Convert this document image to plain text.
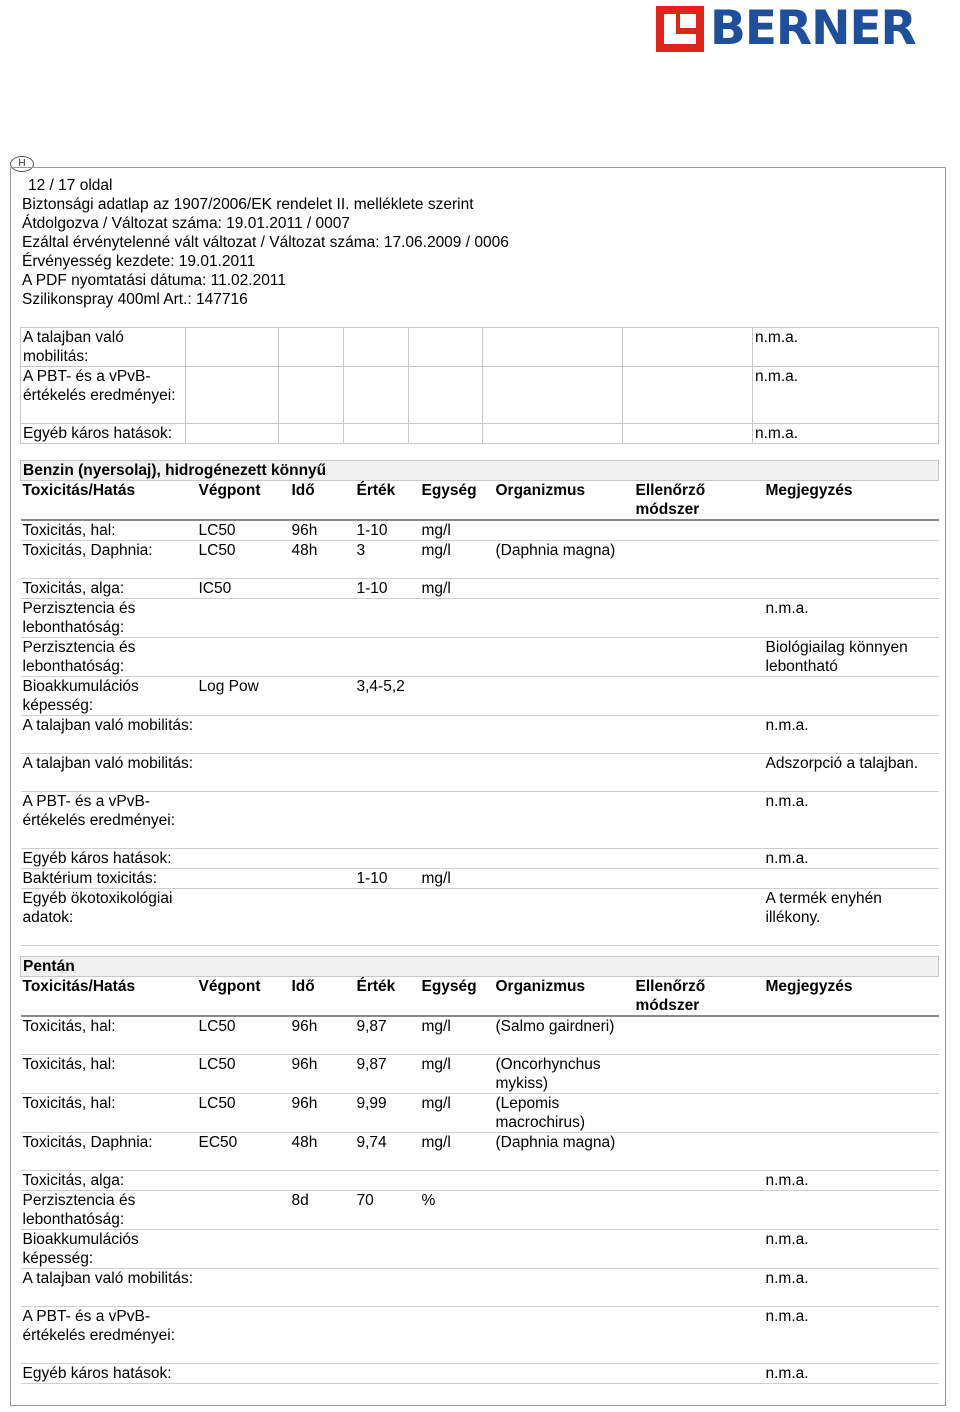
BERNER
H
12 / 17 oldal
Biztonsági adatlap az 1907/2006/EK rendelet II. melléklete szerint
Átdolgozva / Változat száma: 19.01.2011 / 0007
Ezáltal érvénytelenné vált változat / Változat száma: 17.06.2009 / 0006
Érvényesség kezdete: 19.01.2011
A PDF nyomtatási dátuma: 11.02.2011
Szilikonspray 400ml Art.: 147716
A talajban való mobilitás:							n.m.a.
A PBT- és a vPvB-értékelés eredményei:							n.m.a.
Egyéb káros hatások:							n.m.a.
Benzin (nyersolaj), hidrogénezett könnyű							
Toxicitás/Hatás	Végpont	Idő	Érték	Egység	Organizmus	Ellenőrző módszer	Megjegyzés
Toxicitás, hal:	LC50	96h	1-10	mg/l			
Toxicitás, Daphnia:	LC50	48h	3	mg/l	(Daphnia magna)		
Toxicitás, alga:	IC50		1-10	mg/l			
Perzisztencia és lebonthatóság:							n.m.a.
Perzisztencia és lebonthatóság:							Biológiailag könnyen lebontható
Bioakkumulációs képesség:	Log Pow		3,4-5,2				
A talajban való mobilitás:							n.m.a.
A talajban való mobilitás:							Adszorpció a talajban.
A PBT- és a vPvB-értékelés eredményei:							n.m.a.
Egyéb káros hatások:							n.m.a.
Baktérium toxicitás:			1-10	mg/l			
Egyéb ökotoxikológiai adatok:							A termék enyhén illékony.
Pentán							
Toxicitás/Hatás	Végpont	Idő	Érték	Egység	Organizmus	Ellenőrző módszer	Megjegyzés
Toxicitás, hal:	LC50	96h	9,87	mg/l	(Salmo gairdneri)		
Toxicitás, hal:	LC50	96h	9,87	mg/l	(Oncorhynchus mykiss)		
Toxicitás, hal:	LC50	96h	9,99	mg/l	(Lepomis macrochirus)		
Toxicitás, Daphnia:	EC50	48h	9,74	mg/l	(Daphnia magna)		
Toxicitás, alga:							n.m.a.
Perzisztencia és lebonthatóság:		8d	70	%			
Bioakkumulációs képesség:							n.m.a.
A talajban való mobilitás:							n.m.a.
A PBT- és a vPvB-értékelés eredményei:							n.m.a.
Egyéb káros hatások:							n.m.a.
